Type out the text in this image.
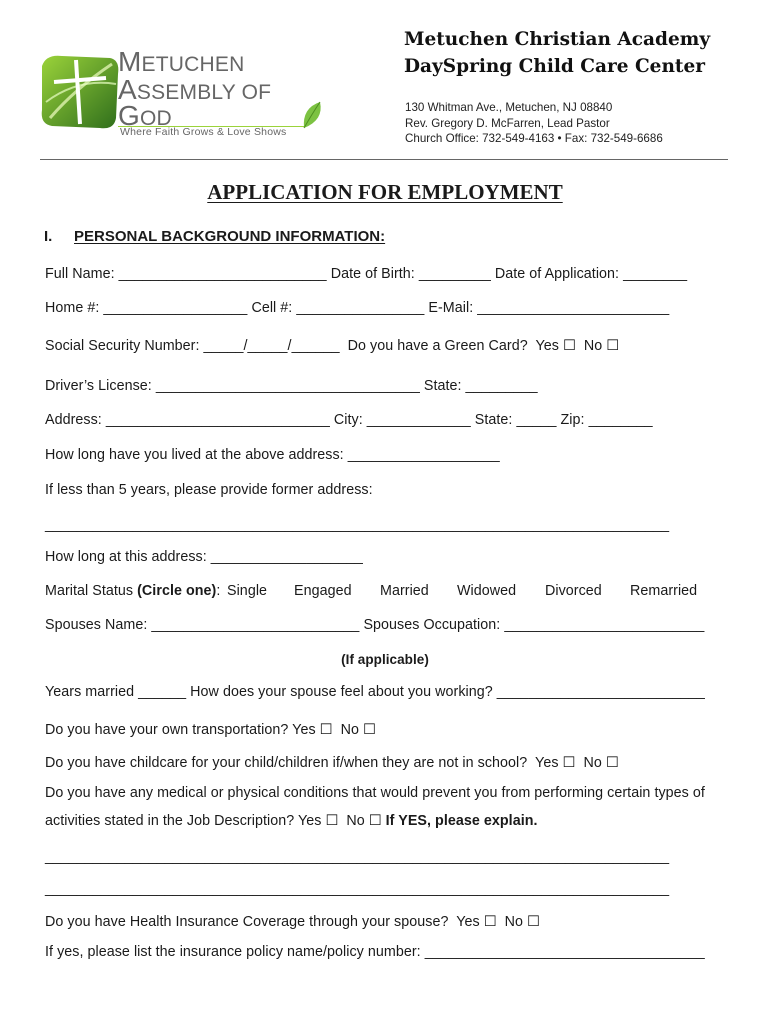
METUCHEN
ASSEMBLY OF
GOD
Where Faith Grows & Love Shows
Metuchen Christian Academy
DaySpring Child Care Center
130 Whitman Ave., Metuchen, NJ 08840
Rev. Gregory D. McFarren, Lead Pastor
Church Office: 732-549-4163 • Fax: 732-549-6686
APPLICATION FOR EMPLOYMENT
I. PERSONAL BACKGROUND INFORMATION:
Full Name: __________________________ Date of Birth: _________ Date of Application: ________
Home #: __________________ Cell #: ________________ E-Mail: ________________________
Social Security Number: _____/_____/______  Do you have a Green Card?  Yes ☐  No ☐
Driver’s License: _________________________________ State: _________
Address: ____________________________ City: _____________ State: _____ Zip: ________
How long have you lived at the above address: ___________________
If less than 5 years, please provide former address:
______________________________________________________________________________
How long at this address: ___________________
Marital Status (Circle one): Single Engaged Married Widowed Divorced Remarried
Spouses Name: __________________________ Spouses Occupation: _________________________
(If applicable)
Years married ______ How does your spouse feel about you working? __________________________
Do you have your own transportation? Yes ☐  No ☐
Do you have childcare for your child/children if/when they are not in school?  Yes ☐  No ☐
Do you have any medical or physical conditions that would prevent you from performing certain types of
activities stated in the Job Description? Yes ☐  No ☐ If YES, please explain.
______________________________________________________________________________
______________________________________________________________________________
Do you have Health Insurance Coverage through your spouse?  Yes ☐  No ☐
If yes, please list the insurance policy name/policy number: ___________________________________
